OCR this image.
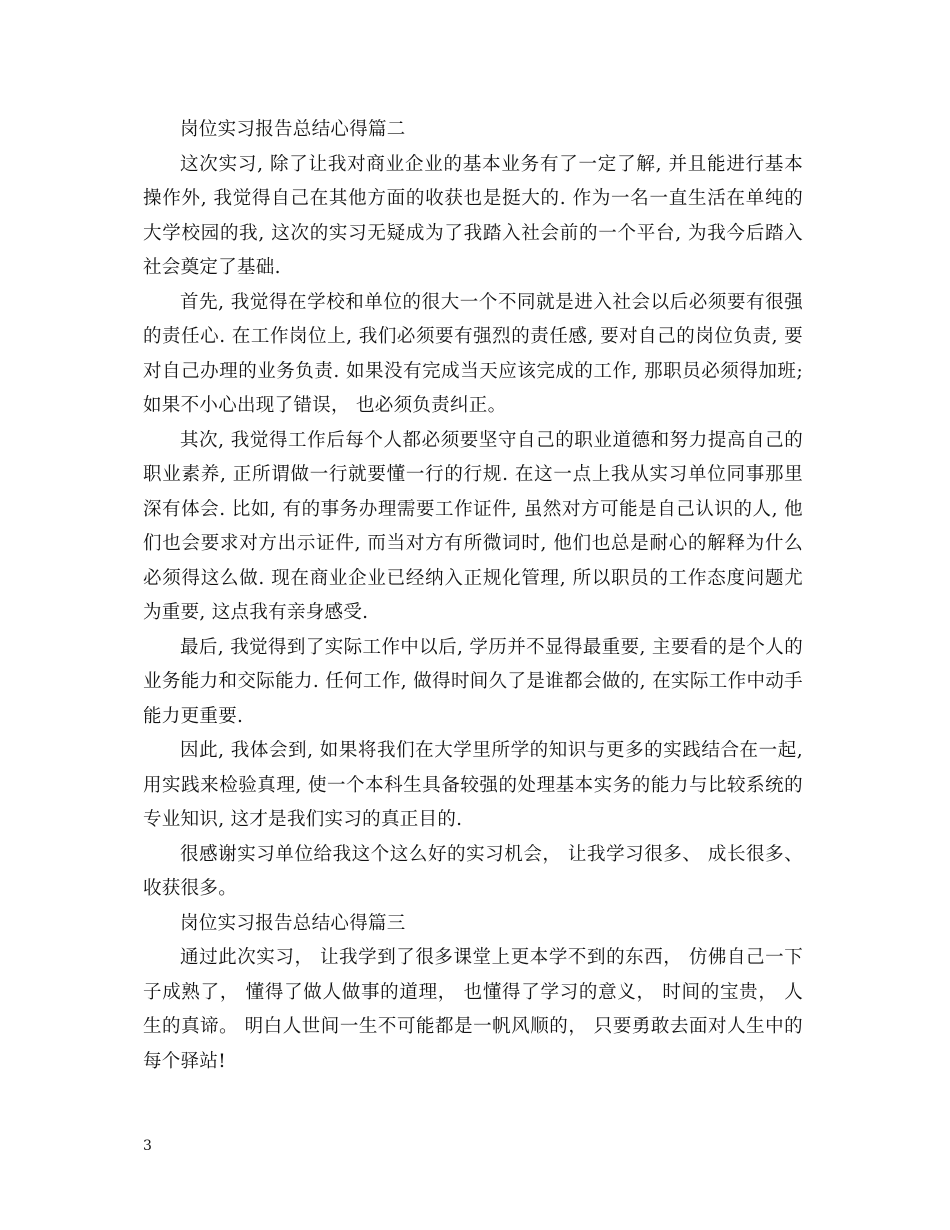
岗位实习报告总结心得篇二

这次实习, 除了让我对商业企业的基本业务有了一定了解, 并且能进行基本操作外, 我觉得自己在其他方面的收获也是挺大的. 作为一名一直生活在单纯的大学校园的我, 这次的实习无疑成为了我踏入社会前的一个平台, 为我今后踏入社会奠定了基础.

首先, 我觉得在学校和单位的很大一个不同就是进入社会以后必须要有很强的责任心. 在工作岗位上, 我们必须要有强烈的责任感, 要对自己的岗位负责, 要对自己办理的业务负责. 如果没有完成当天应该完成的工作, 那职员必须得加班; 如果不小心出现了错误， 也必须负责纠正。

其次, 我觉得工作后每个人都必须要坚守自己的职业道德和努力提高自己的职业素养, 正所谓做一行就要懂一行的行规. 在这一点上我从实习单位同事那里深有体会. 比如, 有的事务办理需要工作证件, 虽然对方可能是自己认识的人, 他们也会要求对方出示证件, 而当对方有所微词时, 他们也总是耐心的解释为什么必须得这么做. 现在商业企业已经纳入正规化管理, 所以职员的工作态度问题尤为重要, 这点我有亲身感受.

最后, 我觉得到了实际工作中以后, 学历并不显得最重要, 主要看的是个人的业务能力和交际能力. 任何工作, 做得时间久了是谁都会做的, 在实际工作中动手能力更重要.

因此, 我体会到, 如果将我们在大学里所学的知识与更多的实践结合在一起, 用实践来检验真理, 使一个本科生具备较强的处理基本实务的能力与比较系统的专业知识, 这才是我们实习的真正目的.

很感谢实习单位给我这个这么好的实习机会， 让我学习很多、 成长很多、 收获很多。

岗位实习报告总结心得篇三

通过此次实习， 让我学到了很多课堂上更本学不到的东西， 仿佛自己一下子成熟了， 懂得了做人做事的道理， 也懂得了学习的意义， 时间的宝贵， 人生的真谛。 明白人世间一生不可能都是一帆风顺的， 只要勇敢去面对人生中的每个驿站!

3
